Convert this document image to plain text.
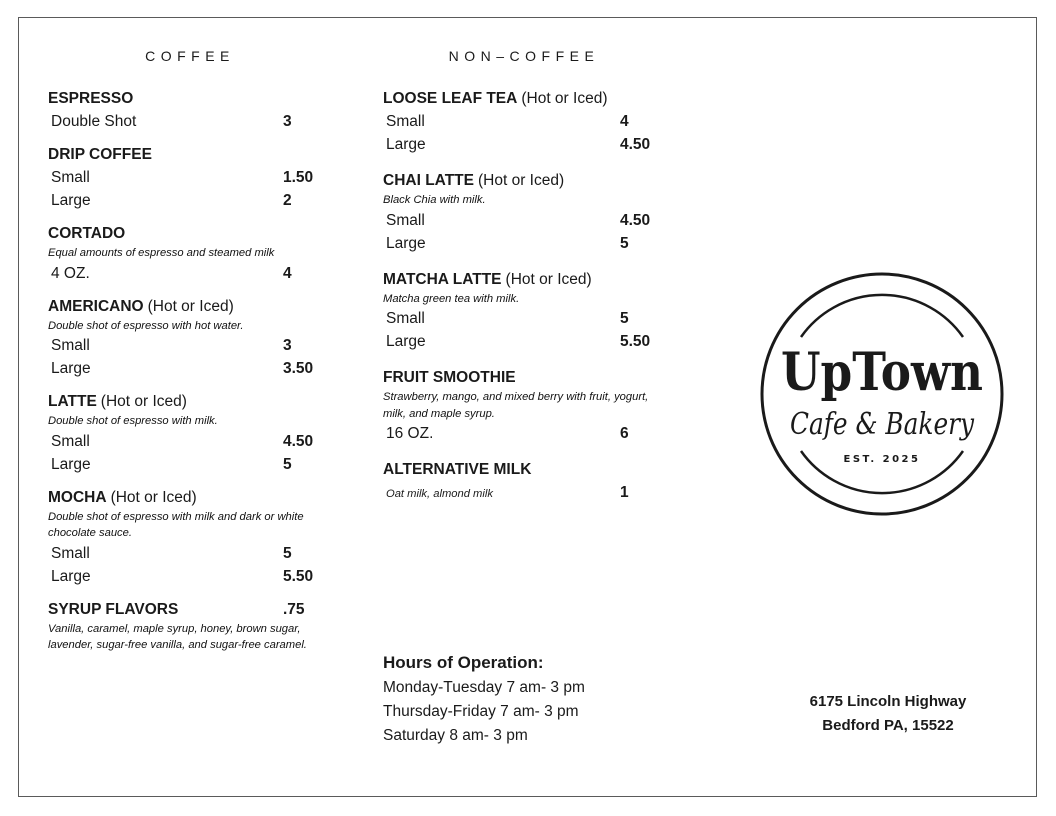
COFFEE	NON–COFFEE
ESPRESSO
Double Shot	3
DRIP COFFEE
Small	1.50
Large	2
CORTADO
Equal amounts of espresso and steamed milk
4 OZ.	4
AMERICANO (Hot or Iced)
Double shot of espresso with hot water.
Small	3
Large	3.50
LATTE (Hot or Iced)
Double shot of espresso with milk.
Small	4.50
Large	5
MOCHA (Hot or Iced)
Double shot of espresso with milk and dark or white chocolate sauce.
Small	5
Large	5.50
SYRUP FLAVORS	.75
Vanilla, caramel, maple syrup, honey, brown sugar, lavender, sugar-free vanilla, and sugar-free caramel.
LOOSE LEAF TEA (Hot or Iced)
Small	4
Large	4.50
CHAI LATTE (Hot or Iced)
Black Chia with milk.
Small	4.50
Large	5
MATCHA LATTE (Hot or Iced)
Matcha green tea with milk.
Small	5
Large	5.50
FRUIT SMOOTHIE
Strawberry, mango, and mixed berry with fruit, yogurt, milk, and maple syrup.
16 OZ.	6
ALTERNATIVE MILK
Oat milk, almond milk	1
Hours of Operation:
Monday-Tuesday 7 am- 3 pm
Thursday-Friday 7 am- 3 pm
Saturday 8 am- 3 pm
UpTown
Cafe & Bakery
EST. 2025
6175 Lincoln Highway
Bedford PA, 15522
